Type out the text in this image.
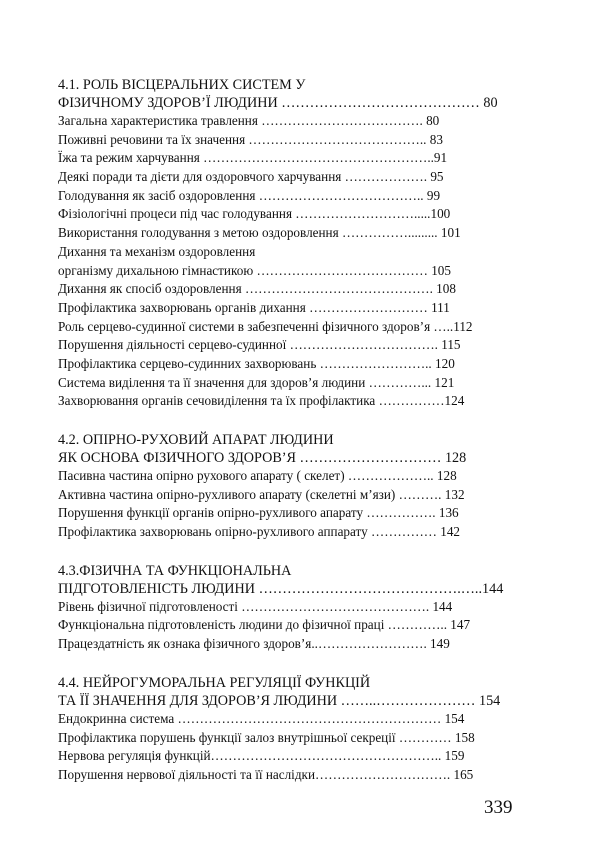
4.1. РОЛЬ ВІСЦЕРАЛЬНИХ СИСТЕМ У
ФІЗИЧНОМУ ЗДОРОВ’Ї ЛЮДИНИ …………………………………… 80
Загальна характеристика травлення ………………………………. 80
Поживні речовини та їх значення ………………………………….. 83
Їжа та режим харчування ……………………………………………..91
Деякі поради та дієти для оздоровчого харчування ………………. 95
Голодування як засіб оздоровлення ……………………………….. 99
Фізіологічні процеси під час голодування ……………………….....100
Використання голодування з метою оздоровлення ……………......... 101
Дихання та механізм оздоровлення
організму дихальною гімнастикою ………………………………… 105
Дихання як спосіб оздоровлення ……………………………………. 108
Профілактика захворювань органів дихання ……………………… 111
Роль серцево-судинної системи в забезпеченні фізичного здоров’я …..112
Порушення діяльності серцево-судинної ……………………………. 115
Профілактика серцево-судинних захворювань …………………….. 120
Система виділення та її значення для здоров’я людини …………... 121
Захворювання органів сечовиділення та їх профілактика ……………124
4.2. ОПІРНО-РУХОВИЙ АПАРАТ ЛЮДИНИ
ЯК ОСНОВА ФІЗИЧНОГО ЗДОРОВ’Я ………………………… 128
Пасивна частина опірно рухового апарату ( скелет) ……………….. 128
Активна частина опірно-рухливого апарату (скелетні м’язи) ………. 132
Порушення функції органів опірно-рухливого апарату ……………. 136
Профілактика захворювань опірно-рухливого аппарату …………… 142
4.3.ФІЗИЧНА ТА ФУНКЦІОНАЛЬНА
ПІДГОТОВЛЕНІСТЬ ЛЮДИНИ …………………………………….…..144
Рівень фізичної підготовленості ……………………………………. 144
Функціональна підготовленість людини до фізичної праці ………….. 147
Працездатність як ознака фізичного здоров’я..……………………. 149
4.4. НЕЙРОГУМОРАЛЬНА РЕГУЛЯЦІЇ ФУНКЦІЙ
ТА ЇЇ ЗНАЧЕННЯ ДЛЯ ЗДОРОВ’Я ЛЮДИНИ ……..………………… 154
Ендокринна система …………………………………………………… 154
Профілактика порушень функції залоз внутрішньої секреції ………… 158
Нервова регуляція функцій…………………………………………….. 159
Порушення нервової діяльності та її наслідки…………………………. 165
339
